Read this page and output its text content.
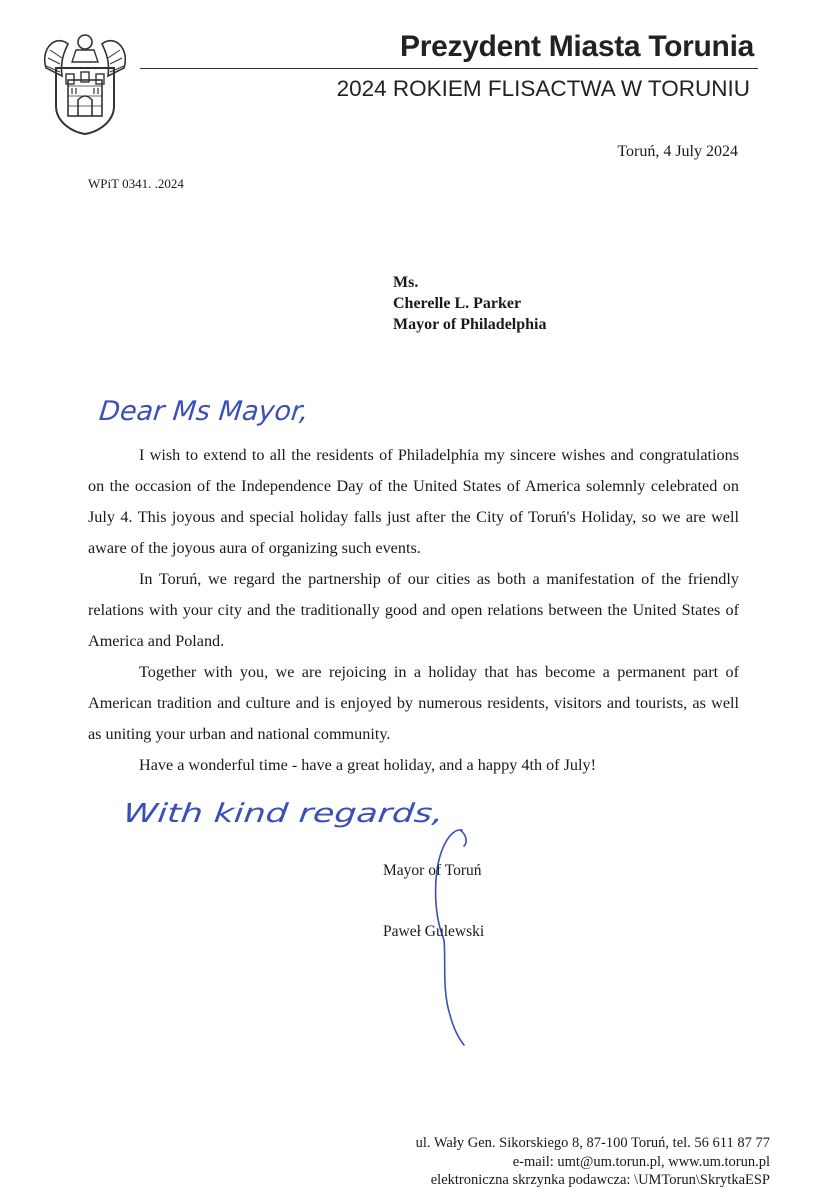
Prezydent Miasta Torunia
2024 ROKIEM FLISACTWA W TORUNIU
Toruń, 4 July 2024
WPiT 0341. .2024
Ms.
Cherelle L. Parker
Mayor of Philadelphia
Dear Ms Mayor,

I wish to extend to all the residents of Philadelphia my sincere wishes and congratulations on the occasion of the Independence Day of the United States of America solemnly celebrated on July 4. This joyous and special holiday falls just after the City of Toruń's Holiday, so we are well aware of the joyous aura of organizing such events.

In Toruń, we regard the partnership of our cities as both a manifestation of the friendly relations with your city and the traditionally good and open relations between the United States of America and Poland.

Together with you, we are rejoicing in a holiday that has become a permanent part of American tradition and culture and is enjoyed by numerous residents, visitors and tourists, as well as uniting your urban and national community.

Have a wonderful time - have a great holiday, and a happy 4th of July!

With kind regards,
Mayor of Toruń
Paweł Gulewski
ul. Wały Gen. Sikorskiego 8, 87-100 Toruń, tel. 56 611 87 77
e-mail: umt@um.torun.pl, www.um.torun.pl
elektroniczna skrzynka podawcza: \UMTorun\SkrytkaESP
